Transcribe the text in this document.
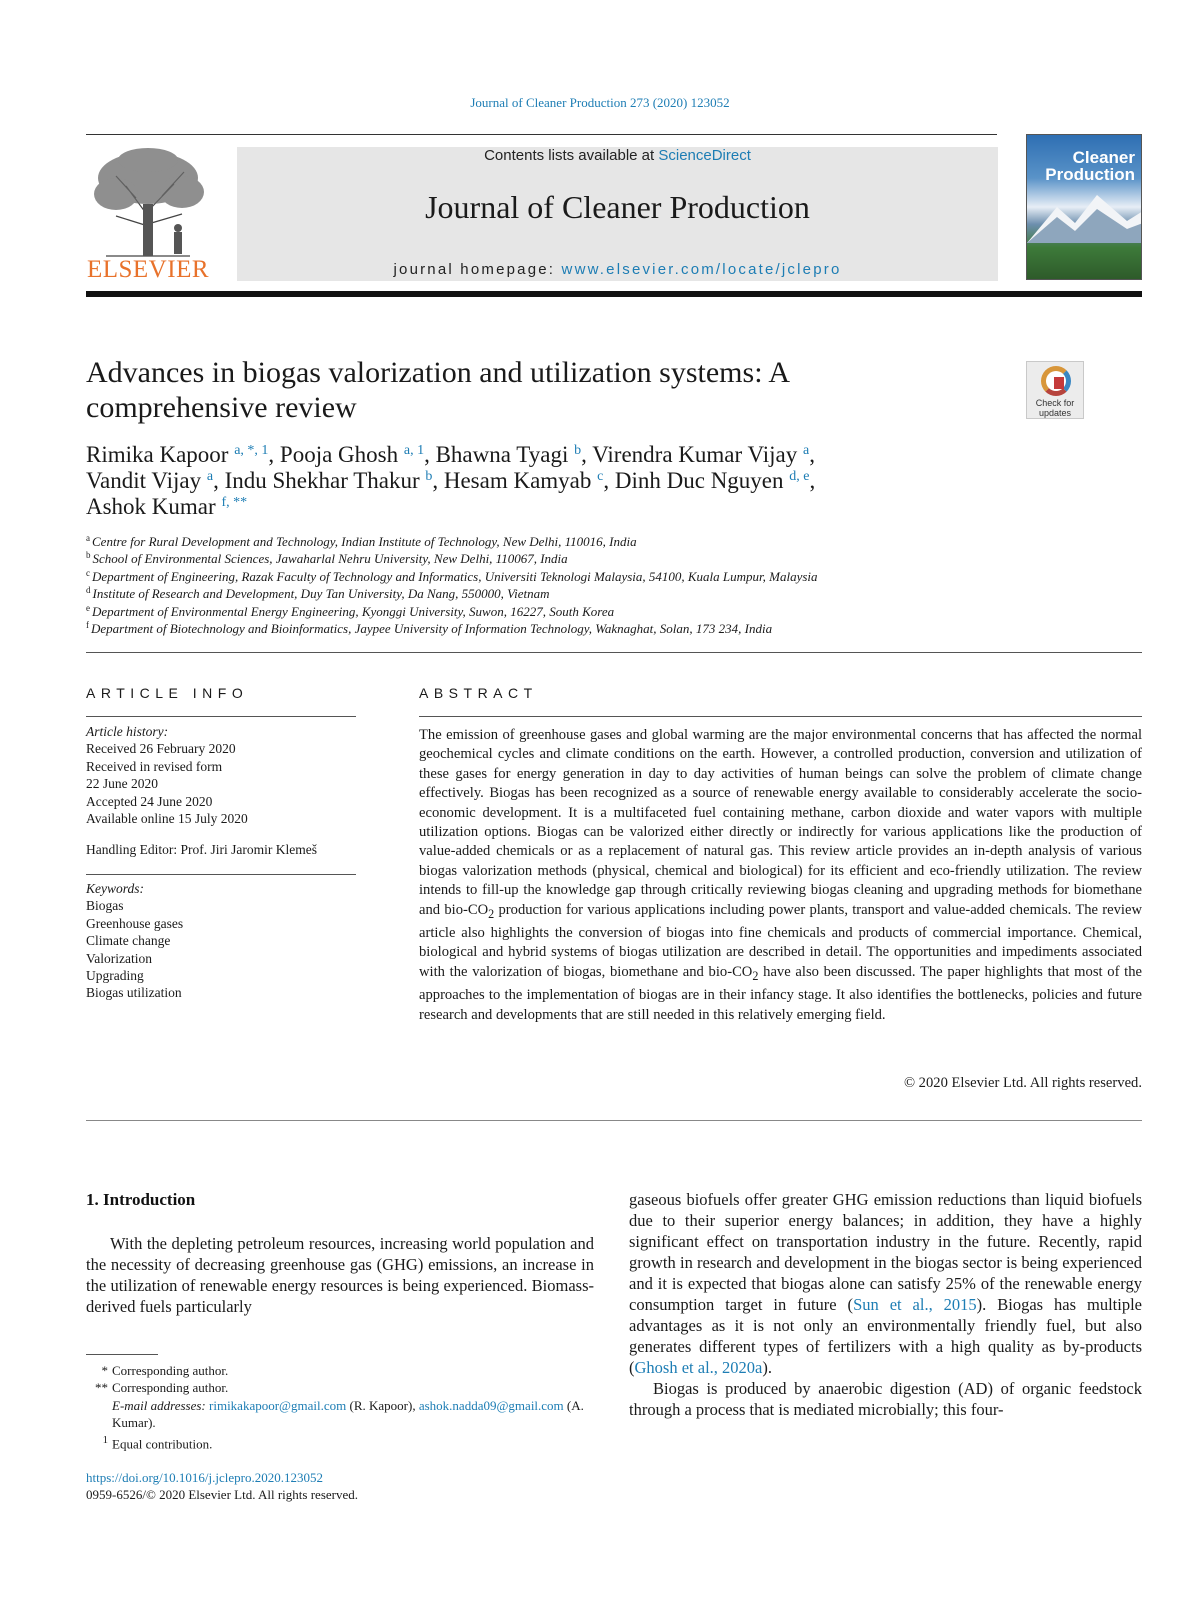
Journal of Cleaner Production 273 (2020) 123052
ELSEVIER
Contents lists available at ScienceDirect
Journal of Cleaner Production
journal homepage: www.elsevier.com/locate/jclepro
Cleaner
Production
Advances in biogas valorization and utilization systems: A
comprehensive review	Check for
updates
Rimika Kapoor $^{a, *, 1}$, Pooja Ghosh $^{a, 1}$, Bhawna Tyagi $^b$, Virendra Kumar Vijay $^a$,
Vandit Vijay $^a$, Indu Shekhar Thakur $^b$, Hesam Kamyab $^c$, Dinh Duc Nguyen $^{d, e}$,
Ashok Kumar $^{f, **}$
$^a$ Centre for Rural Development and Technology, Indian Institute of Technology, New Delhi, 110016, India
$^b$ School of Environmental Sciences, Jawaharlal Nehru University, New Delhi, 110067, India
$^c$ Department of Engineering, Razak Faculty of Technology and Informatics, Universiti Teknologi Malaysia, 54100, Kuala Lumpur, Malaysia
$^d$ Institute of Research and Development, Duy Tan University, Da Nang, 550000, Vietnam
$^e$ Department of Environmental Energy Engineering, Kyonggi University, Suwon, 16227, South Korea
$^f$ Department of Biotechnology and Bioinformatics, Jaypee University of Information Technology, Waknaghat, Solan, 173 234, India
ARTICLE INFO
Article history:
Received 26 February 2020
Received in revised form
22 June 2020
Accepted 24 June 2020
Available online 15 July 2020
Handling Editor: Prof. Jiri Jaromir Klemeš
Keywords:
Biogas
Greenhouse gases
Climate change
Valorization
Upgrading
Biogas utilization
ABSTRACT
The emission of greenhouse gases and global warming are the major environmental concerns that has affected the normal geochemical cycles and climate conditions on the earth. However, a controlled production, conversion and utilization of these gases for energy generation in day to day activities of human beings can solve the problem of climate change effectively. Biogas has been recognized as a source of renewable energy available to considerably accelerate the socio-economic development. It is a multifaceted fuel containing methane, carbon dioxide and water vapors with multiple utilization options. Biogas can be valorized either directly or indirectly for various applications like the production of value-added chemicals or as a replacement of natural gas. This review article provides an in-depth analysis of various biogas valorization methods (physical, chemical and biological) for its efficient and eco-friendly utilization. The review intends to fill-up the knowledge gap through critically reviewing biogas cleaning and upgrading methods for biomethane and bio-$CO_2$ production for various applications including power plants, transport and value-added chemicals. The review article also highlights the conversion of biogas into fine chemicals and products of commercial importance. Chemical, biological and hybrid systems of biogas utilization are described in detail. The opportunities and impediments associated with the valorization of biogas, biomethane and bio-$CO_2$ have also been discussed. The paper highlights that most of the approaches to the implementation of biogas are in their infancy stage. It also identifies the bottlenecks, policies and future research and developments that are still needed in this relatively emerging field.
© 2020 Elsevier Ltd. All rights reserved.
1. Introduction

With the depleting petroleum resources, increasing world population and the necessity of decreasing greenhouse gas (GHG) emissions, an increase in the utilization of renewable energy resources is being experienced. Biomass-derived fuels particularly

gaseous biofuels offer greater GHG emission reductions than liquid biofuels due to their superior energy balances; in addition, they have a highly significant effect on transportation industry in the future. Recently, rapid growth in research and development in the biogas sector is being experienced and it is expected that biogas alone can satisfy 25% of the renewable energy consumption target in future (Sun et al., 2015). Biogas has multiple advantages as it is not only an environmentally friendly fuel, but also generates different types of fertilizers with a high quality as by-products (Ghosh et al., 2020a).

Biogas is produced by anaerobic digestion (AD) of organic feedstock through a process that is mediated microbially; this four-

* Corresponding author.
** Corresponding author.
E-mail addresses: rimikakapoor@gmail.com (R. Kapoor), ashok.nadda09@gmail.com (A. Kumar).
$^1$ Equal contribution.
https://doi.org/10.1016/j.jclepro.2020.123052
0959-6526/© 2020 Elsevier Ltd. All rights reserved.
